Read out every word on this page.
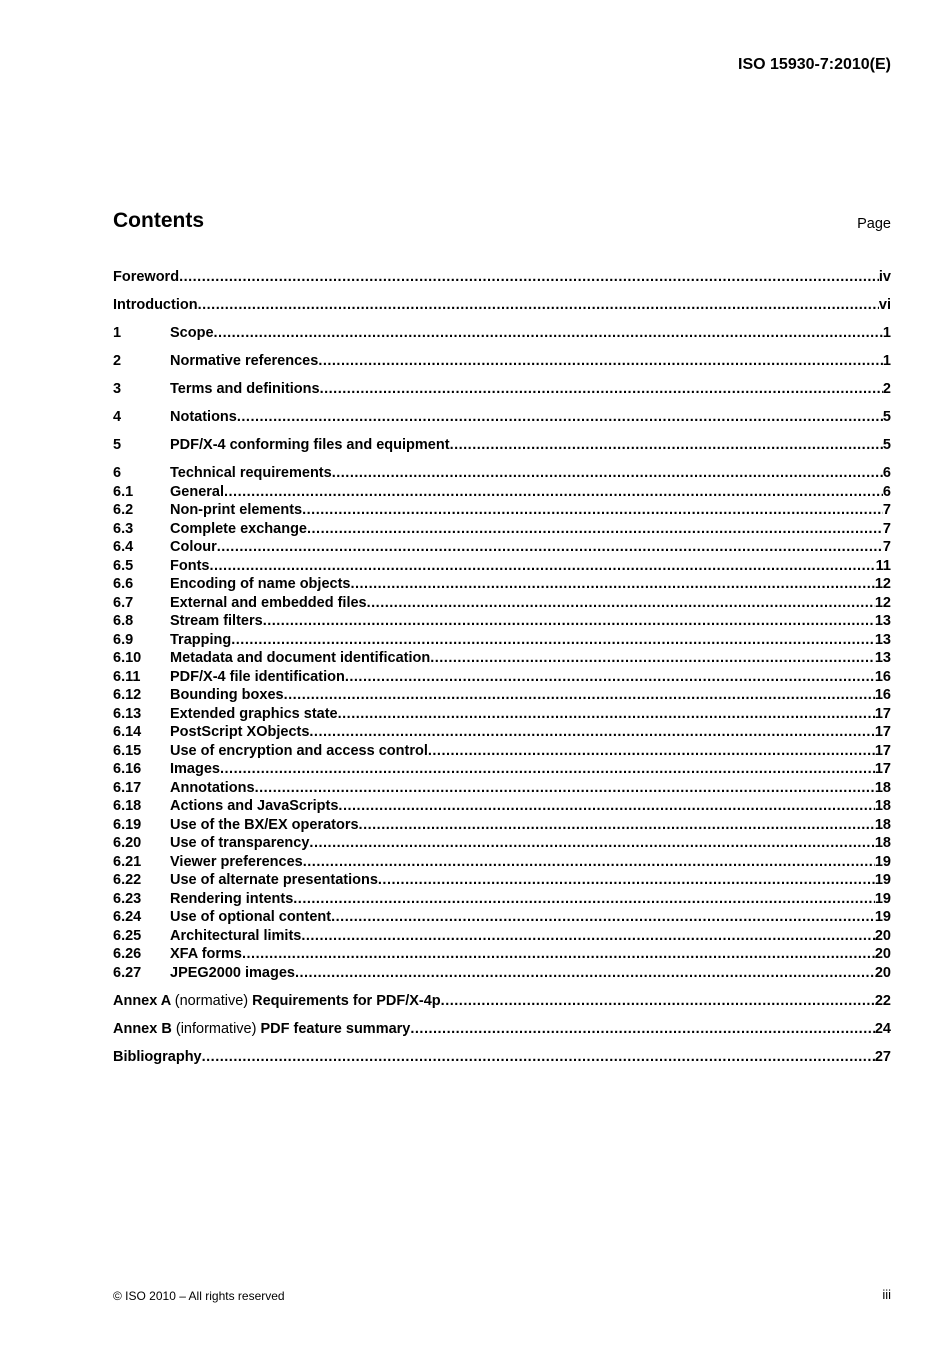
ISO 15930-7:2010(E)
Contents	Page
Foreword .....	iv
Introduction .....	vi
1	Scope .....	1
2	Normative references .....	1
3	Terms and definitions .....	2
4	Notations .....	5
5	PDF/X-4 conforming files and equipment .....	5
6	Technical requirements .....	6
6.1	General .....	6
6.2	Non-print elements .....	7
6.3	Complete exchange .....	7
6.4	Colour .....	7
6.5	Fonts .....	11
6.6	Encoding of name objects .....	12
6.7	External and embedded files .....	12
6.8	Stream filters .....	13
6.9	Trapping .....	13
6.10	Metadata and document identification .....	13
6.11	PDF/X-4 file identification .....	16
6.12	Bounding boxes .....	16
6.13	Extended graphics state .....	17
6.14	PostScript XObjects .....	17
6.15	Use of encryption and access control .....	17
6.16	Images .....	17
6.17	Annotations .....	18
6.18	Actions and JavaScripts .....	18
6.19	Use of the BX/EX operators .....	18
6.20	Use of transparency .....	18
6.21	Viewer preferences .....	19
6.22	Use of alternate presentations .....	19
6.23	Rendering intents .....	19
6.24	Use of optional content .....	19
6.25	Architectural limits .....	20
6.26	XFA forms .....	20
6.27	JPEG2000 images .....	20
Annex A (normative) Requirements for PDF/X-4p .....	22
Annex B (informative) PDF feature summary .....	24
Bibliography .....	27
© ISO 2010 – All rights reserved	iii
